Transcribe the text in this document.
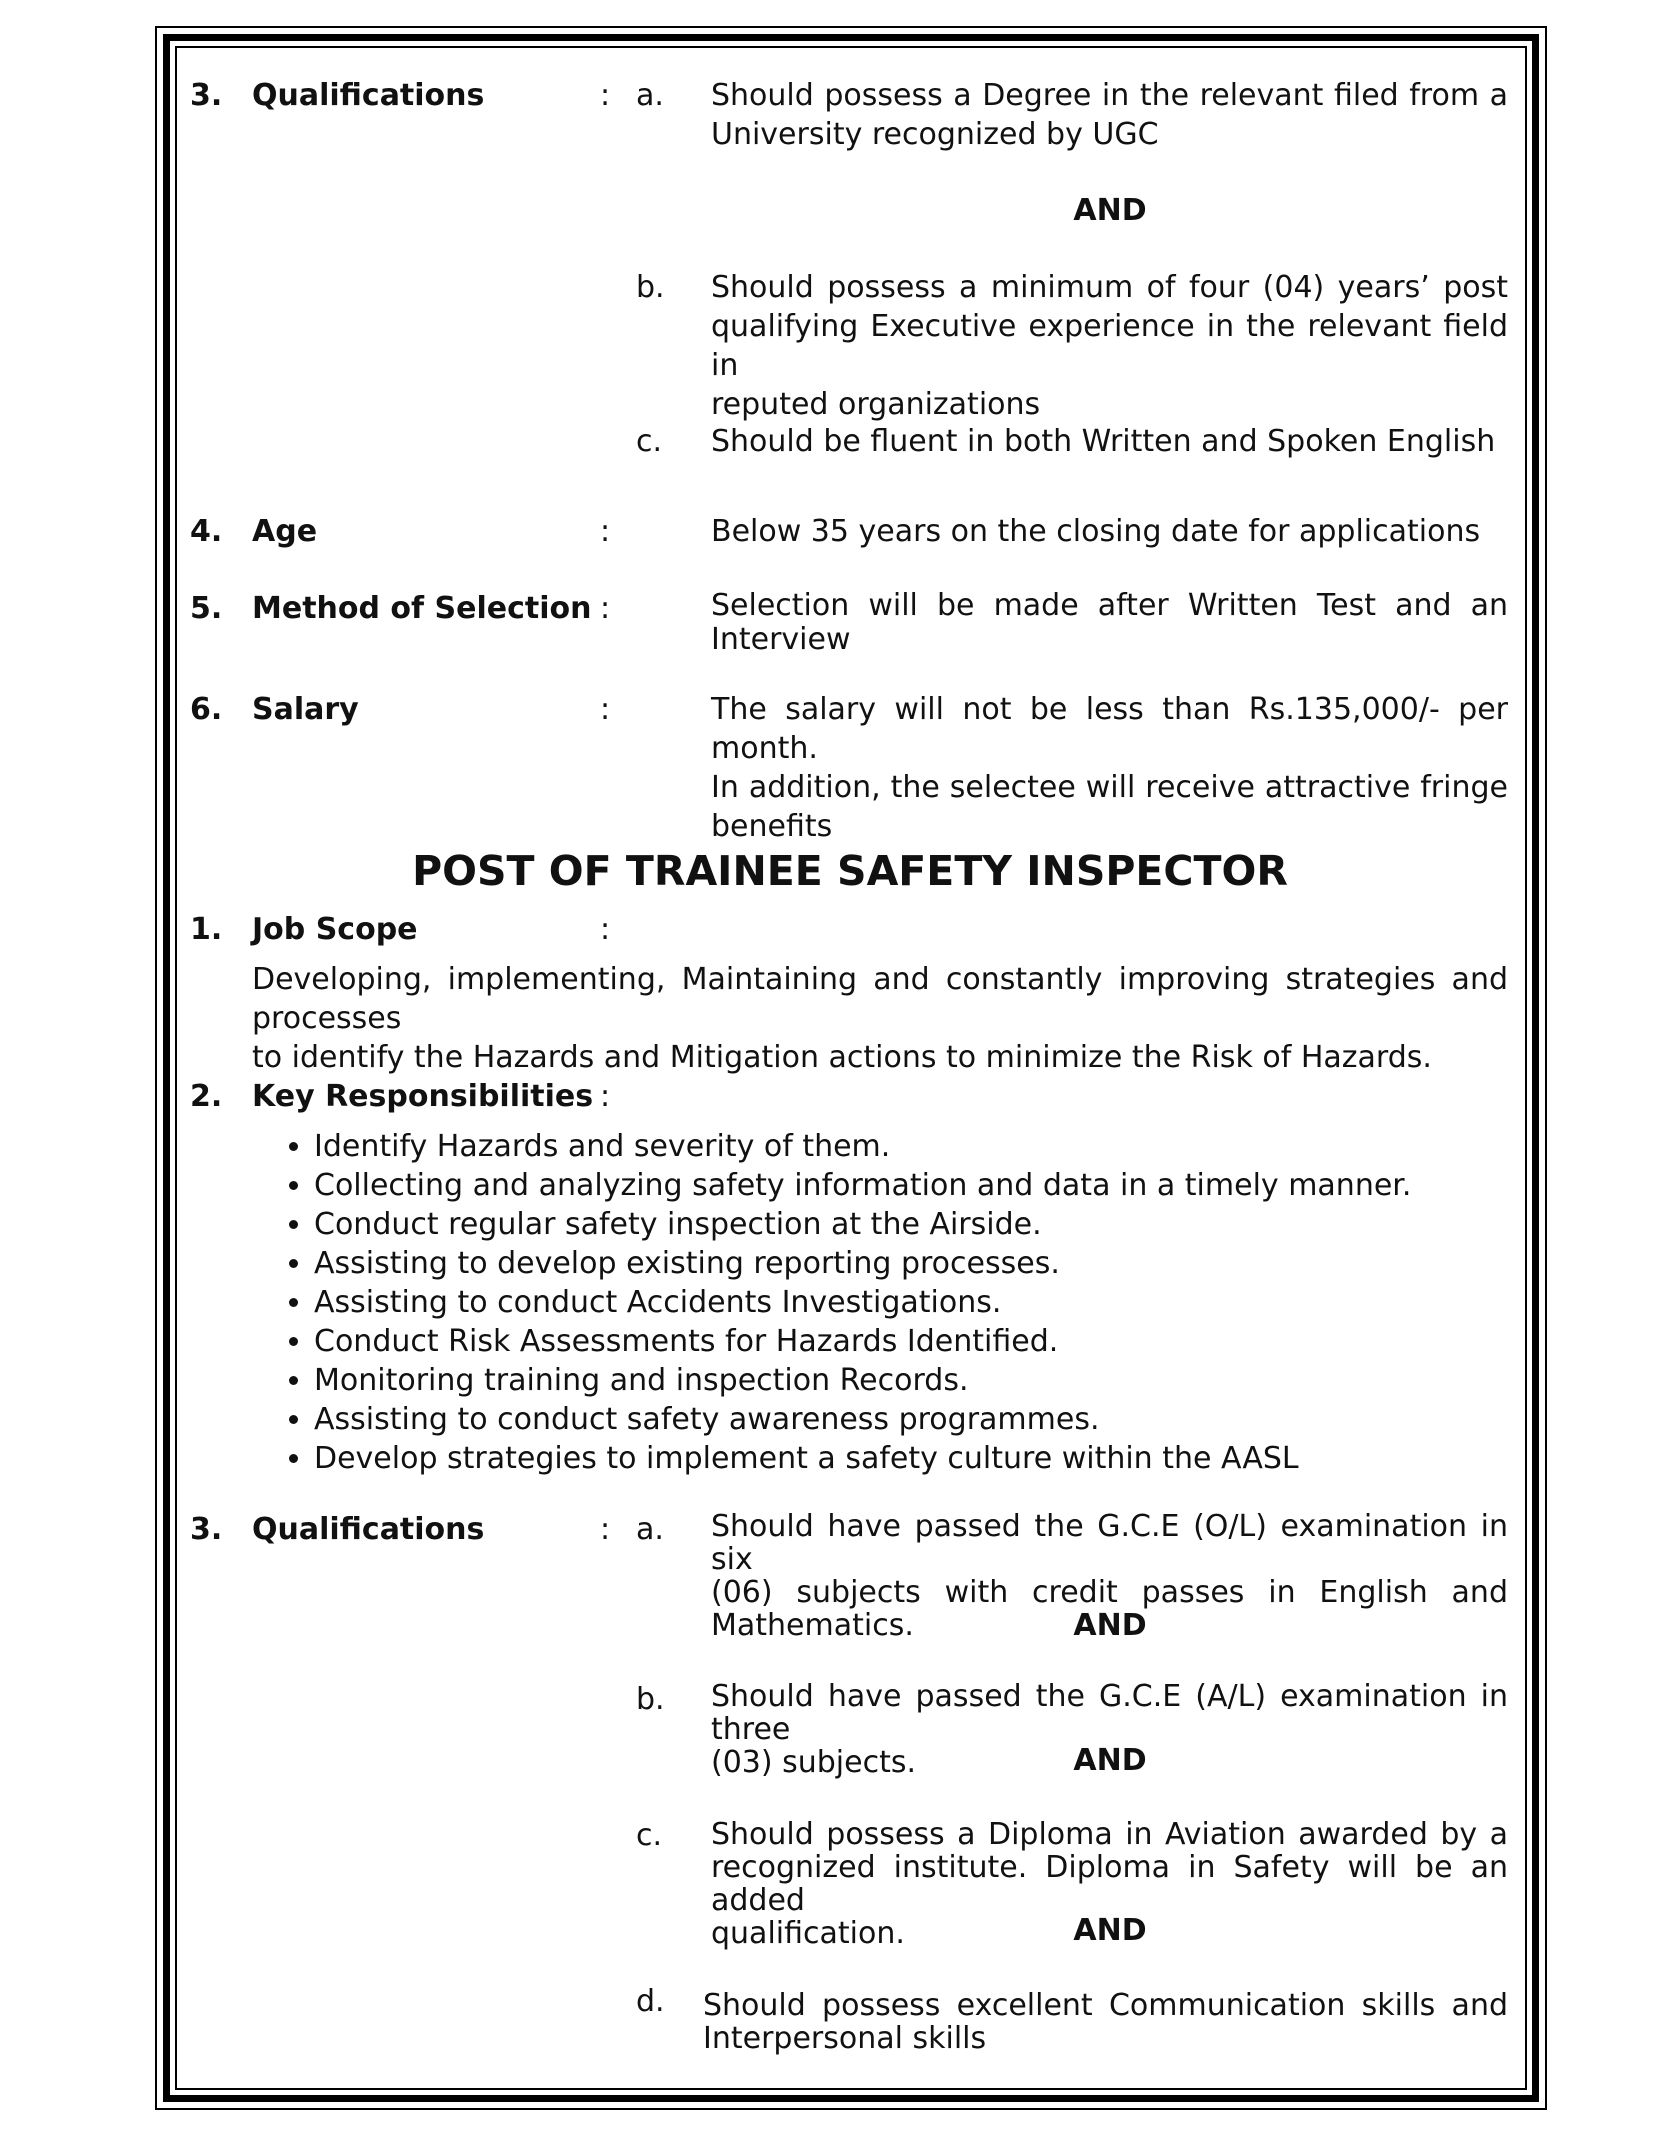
3. Qualifications	: a. Should possess a Degree in the relevant filed from a
University recognized by UGC
AND
b. Should possess a minimum of four (04) years’ post
qualifying Executive experience in the relevant field in
reputed organizations
c. Should be fluent in both Written and Spoken English
4. Age	:	Below 35 years on the closing date for applications
5. Method of Selection :	Selection will be made after Written Test and an
Interview
6. Salary	:	The salary will not be less than Rs.135,000/- per month.
In addition, the selectee will receive attractive fringe
benefits
POST OF TRAINEE SAFETY INSPECTOR
1. Job Scope	:
Developing, implementing, Maintaining and constantly improving strategies and processes
to identify the Hazards and Mitigation actions to minimize the Risk of Hazards.
2. Key Responsibilities :
• Identify Hazards and severity of them.
• Collecting and analyzing safety information and data in a timely manner.
• Conduct regular safety inspection at the Airside.
• Assisting to develop existing reporting processes.
• Assisting to conduct Accidents Investigations.
• Conduct Risk Assessments for Hazards Identified.
• Monitoring training and inspection Records.
• Assisting to conduct safety awareness programmes.
• Develop strategies to implement a safety culture within the AASL
3. Qualifications	: a. Should have passed the G.C.E (O/L) examination in six
(06) subjects with credit passes in English and
Mathematics.	AND
b. Should have passed the G.C.E (A/L) examination in three
(03) subjects.	AND
c. Should possess a Diploma in Aviation awarded by a
recognized institute. Diploma in Safety will be an added
qualification.	AND
d. Should possess excellent Communication skills and
Interpersonal skills
